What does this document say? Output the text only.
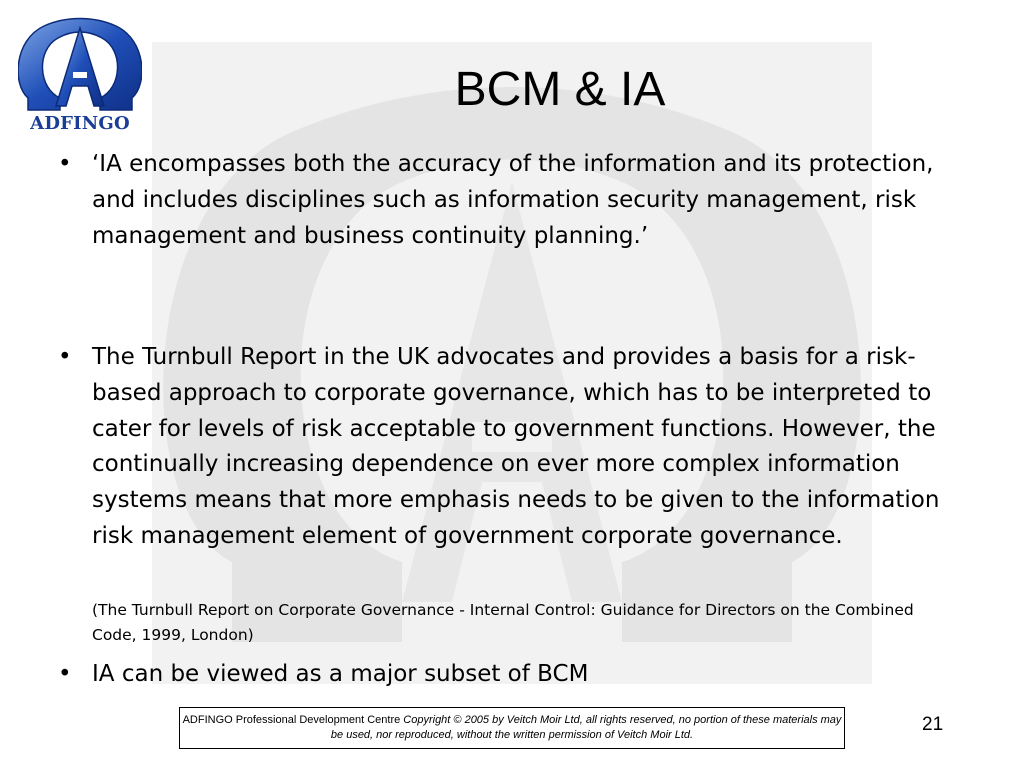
ADFINGO
BCM & IA
• ‘IA encompasses both the accuracy of the information and its protection, and includes disciplines such as information security management, risk management and business continuity planning.’
• The Turnbull Report in the UK advocates and provides a basis for a risk-based approach to corporate governance, which has to be interpreted to cater for levels of risk acceptable to government functions. However, the continually increasing dependence on ever more complex information systems means that more emphasis needs to be given to the information risk management element of government corporate governance.
(The Turnbull Report on Corporate Governance - Internal Control: Guidance for Directors on the Combined Code, 1999, London)
• IA can be viewed as a major subset of BCM
ADFINGO Professional Development Centre Copyright © 2005 by Veitch Moir Ltd, all rights reserved, no portion of these materials may be used, nor reproduced, without the written permission of Veitch Moir Ltd.	21
